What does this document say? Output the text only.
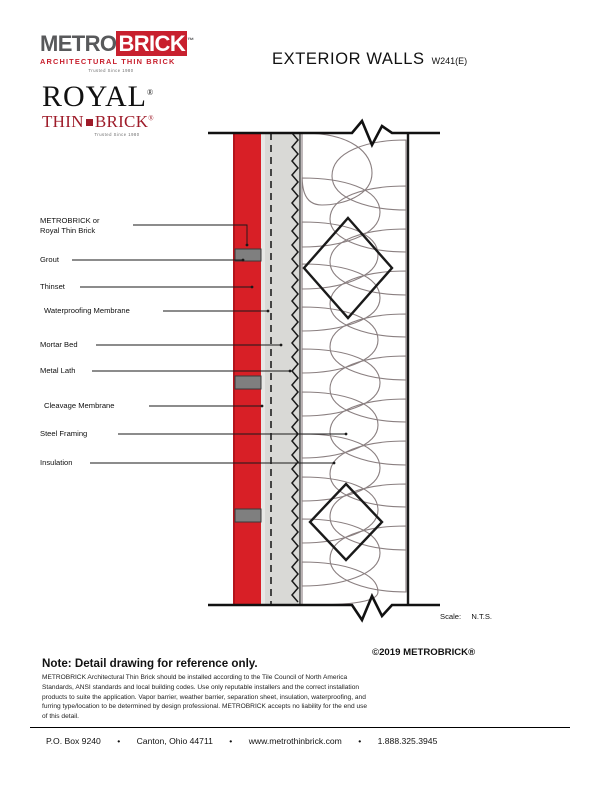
METROBRICK ™
ARCHITECTURAL THIN BRICK
Trusted Since 1980
ROYAL®
THIN BRICK®
Trusted Since 1980
EXTERIOR WALLS W241(E)
METROBRICK or
Royal Thin Brick
Grout
Thinset
Waterproofing Membrane
Mortar Bed
Metal Lath
Cleavage Membrane
Steel Framing
Insulation
Scale: N.T.S.
©2019 METROBRICK®
Note: Detail drawing for reference only.
METROBRICK Architectural Thin Brick should be installed according to the Tile Council of North America Standards, ANSI standards and local building codes. Use only reputable installers and the correct installation products to suite the application. Vapor barrier, weather barrier, separation sheet, insulation, waterproofing, and furring type/location to be determined by design professional. METROBRICK accepts no liability for the end use of this detail.
P.O. Box 9240 • Canton, Ohio 44711 • www.metrothinbrick.com • 1.888.325.3945
